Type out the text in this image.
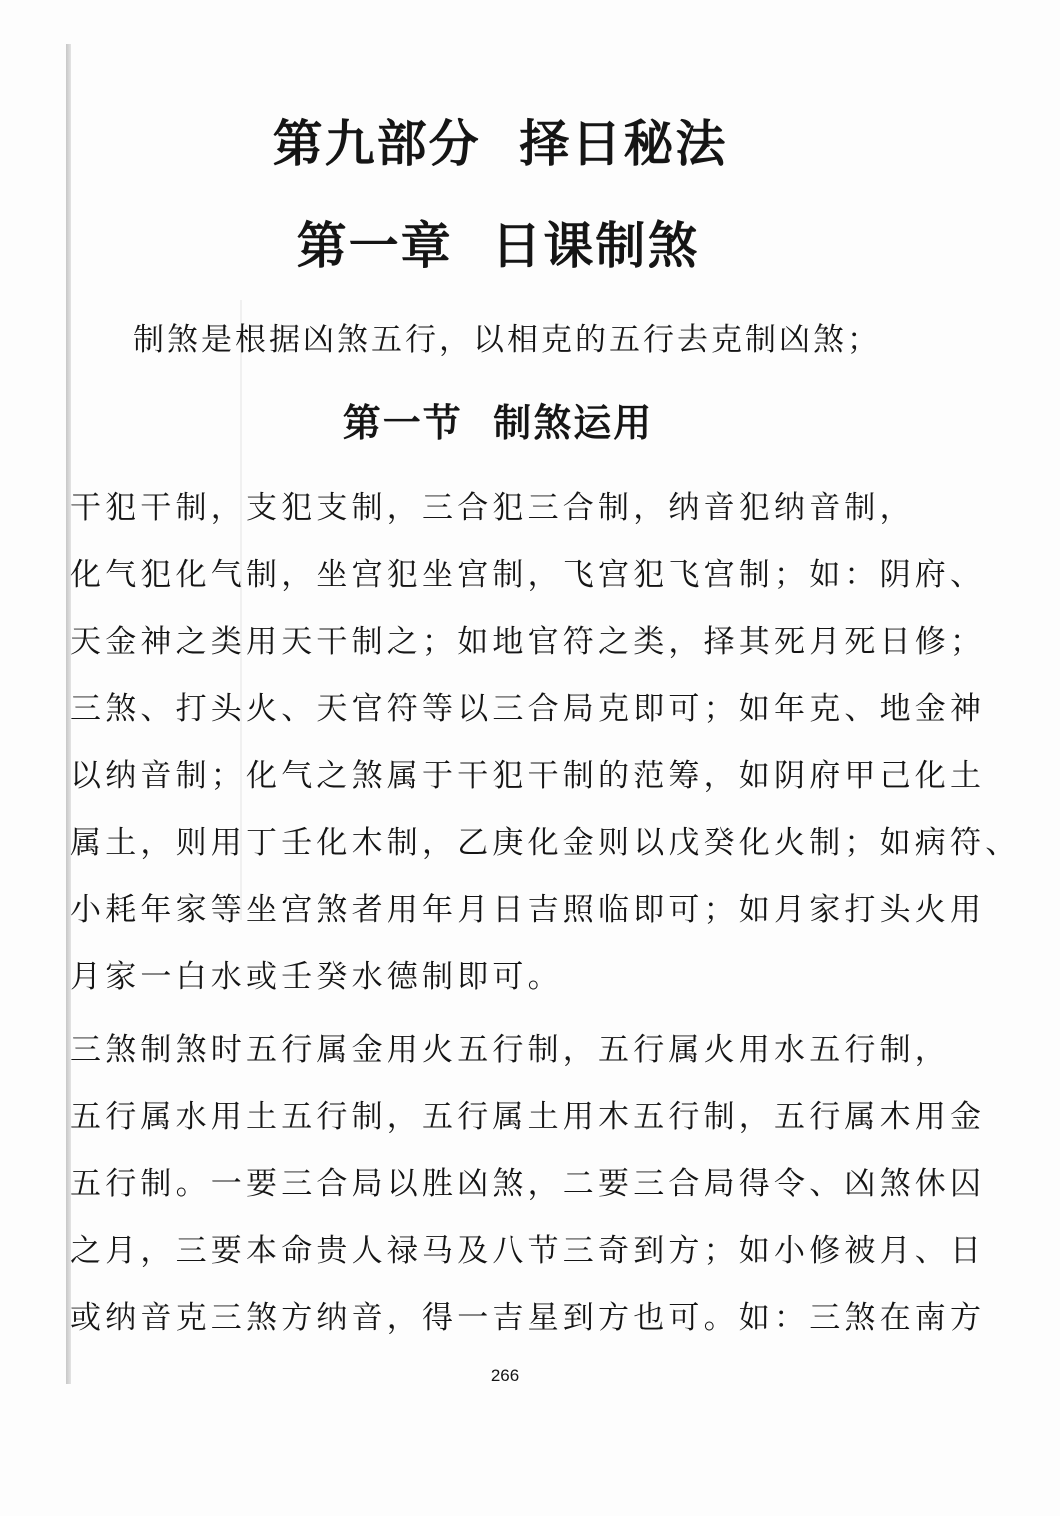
第九部分  择日秘法
第一章  日课制煞
制煞是根据凶煞五行，以相克的五行去克制凶煞；
第一节  制煞运用
干犯干制，支犯支制，三合犯三合制，纳音犯纳音制，
化气犯化气制，坐宫犯坐宫制，飞宫犯飞宫制；如：阴府、
天金神之类用天干制之；如地官符之类，择其死月死日修；
三煞、打头火、天官符等以三合局克即可；如年克、地金神
以纳音制；化气之煞属于干犯干制的范筹，如阴府甲己化土
属土，则用丁壬化木制，乙庚化金则以戊癸化火制；如病符、
小耗年家等坐宫煞者用年月日吉照临即可；如月家打头火用
月家一白水或壬癸水德制即可。
三煞制煞时五行属金用火五行制，五行属火用水五行制，
五行属水用土五行制，五行属土用木五行制，五行属木用金
五行制。一要三合局以胜凶煞，二要三合局得令、凶煞休囚
之月，三要本命贵人禄马及八节三奇到方；如小修被月、日
或纳音克三煞方纳音，得一吉星到方也可。如：三煞在南方
266
